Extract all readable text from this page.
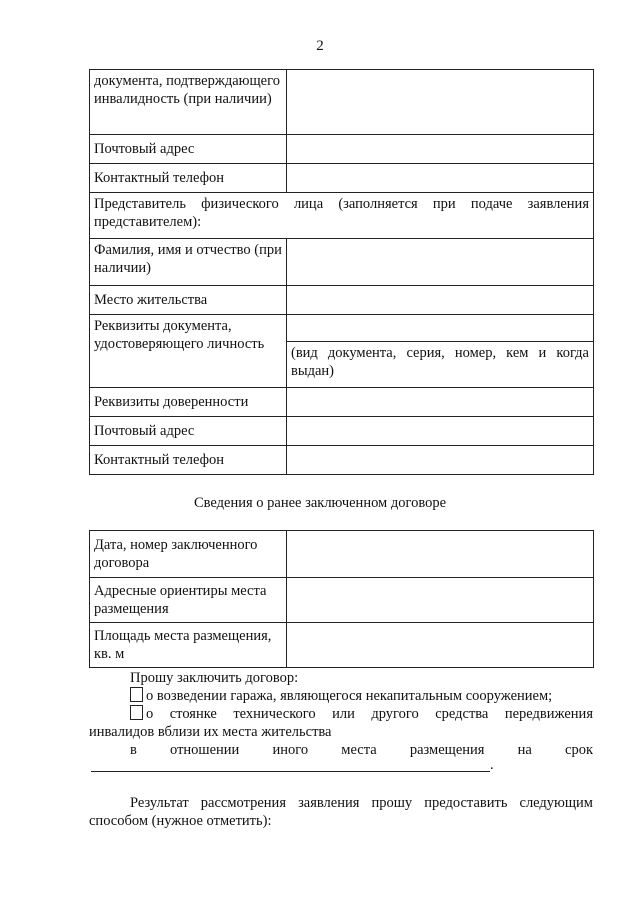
2
документа, подтверждающего инвалидность (при наличии)	
Почтовый адрес	
Контактный телефон	
Представитель физического лица (заполняется при подаче заявления представителем):	
Фамилия, имя и отчество (при наличии)	
Место жительства	
Реквизиты документа, удостоверяющего личность	
	(вид документа, серия, номер, кем и когда выдан)
Реквизиты доверенности	
Почтовый адрес	
Контактный телефон	
Сведения о ранее заключенном договоре
Дата, номер заключенного договора	
Адресные ориентиры места размещения	
Площадь места размещения, кв. м	
Прошу заключить договор:
о возведении гаража, являющегося некапитальным сооружением;
о стоянке технического или другого средства передвижения
инвалидов вблизи их места жительства
в отношении иного места размещения на срок
.
Результат рассмотрения заявления прошу предоставить следующим
способом (нужное отметить):
